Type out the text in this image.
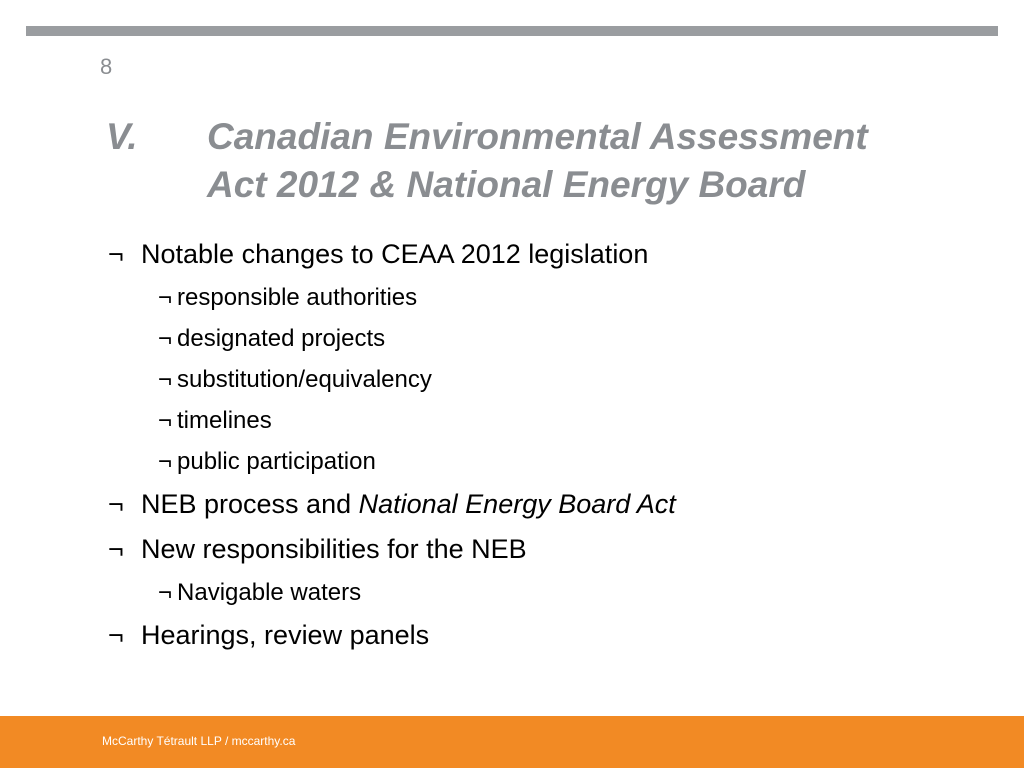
8
V. Canadian Environmental Assessment
Act 2012 & National Energy Board
¬ Notable changes to CEAA 2012 legislation
¬ responsible authorities
¬ designated projects
¬ substitution/equivalency
¬ timelines
¬ public participation
¬ NEB process and National Energy Board Act
¬ New responsibilities for the NEB
¬ Navigable waters
¬ Hearings, review panels
McCarthy Tétrault LLP / mccarthy.ca
